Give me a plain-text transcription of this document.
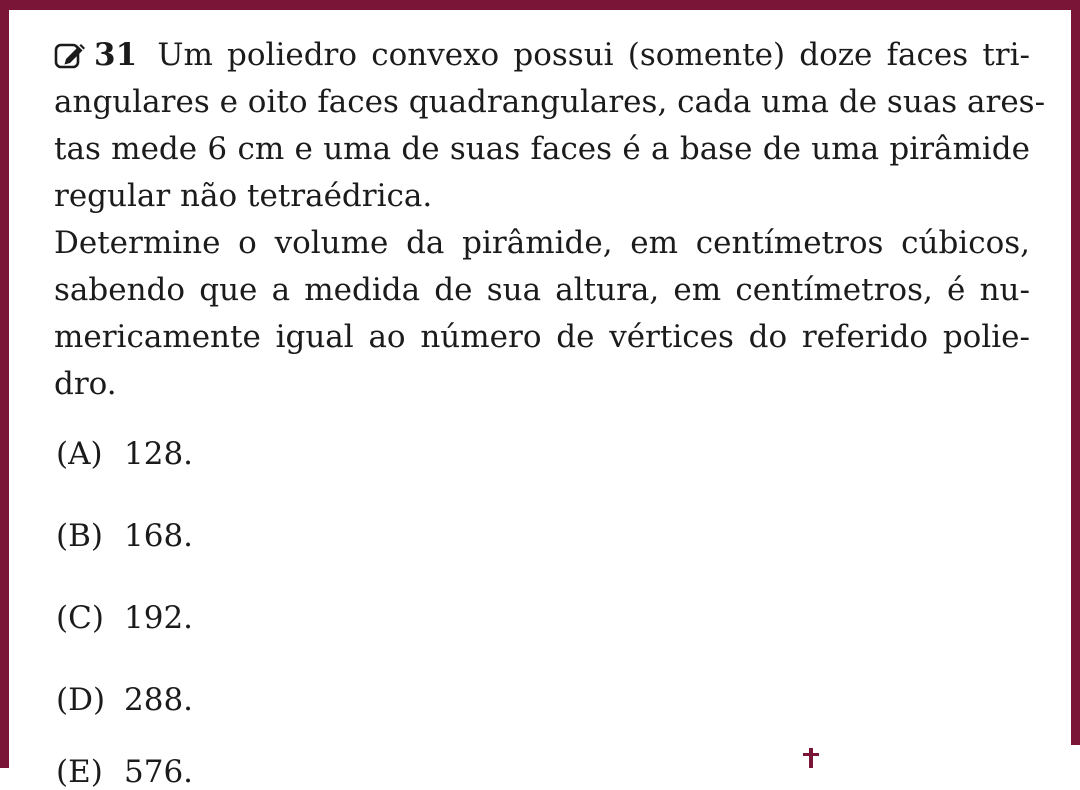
31 Um poliedro convexo possui (somente) doze faces tri-
angulares e oito faces quadrangulares, cada uma de suas ares-
tas mede 6 cm e uma de suas faces é a base de uma pirâmide
regular não tetraédrica.

Determine o volume da pirâmide, em centímetros cúbicos,
sabendo que a medida de sua altura, em centímetros, é nu-
mericamente igual ao número de vértices do referido polie-
dro.

(A) 128.
(B) 168.
(C) 192.
(D) 288.
(E) 576.
